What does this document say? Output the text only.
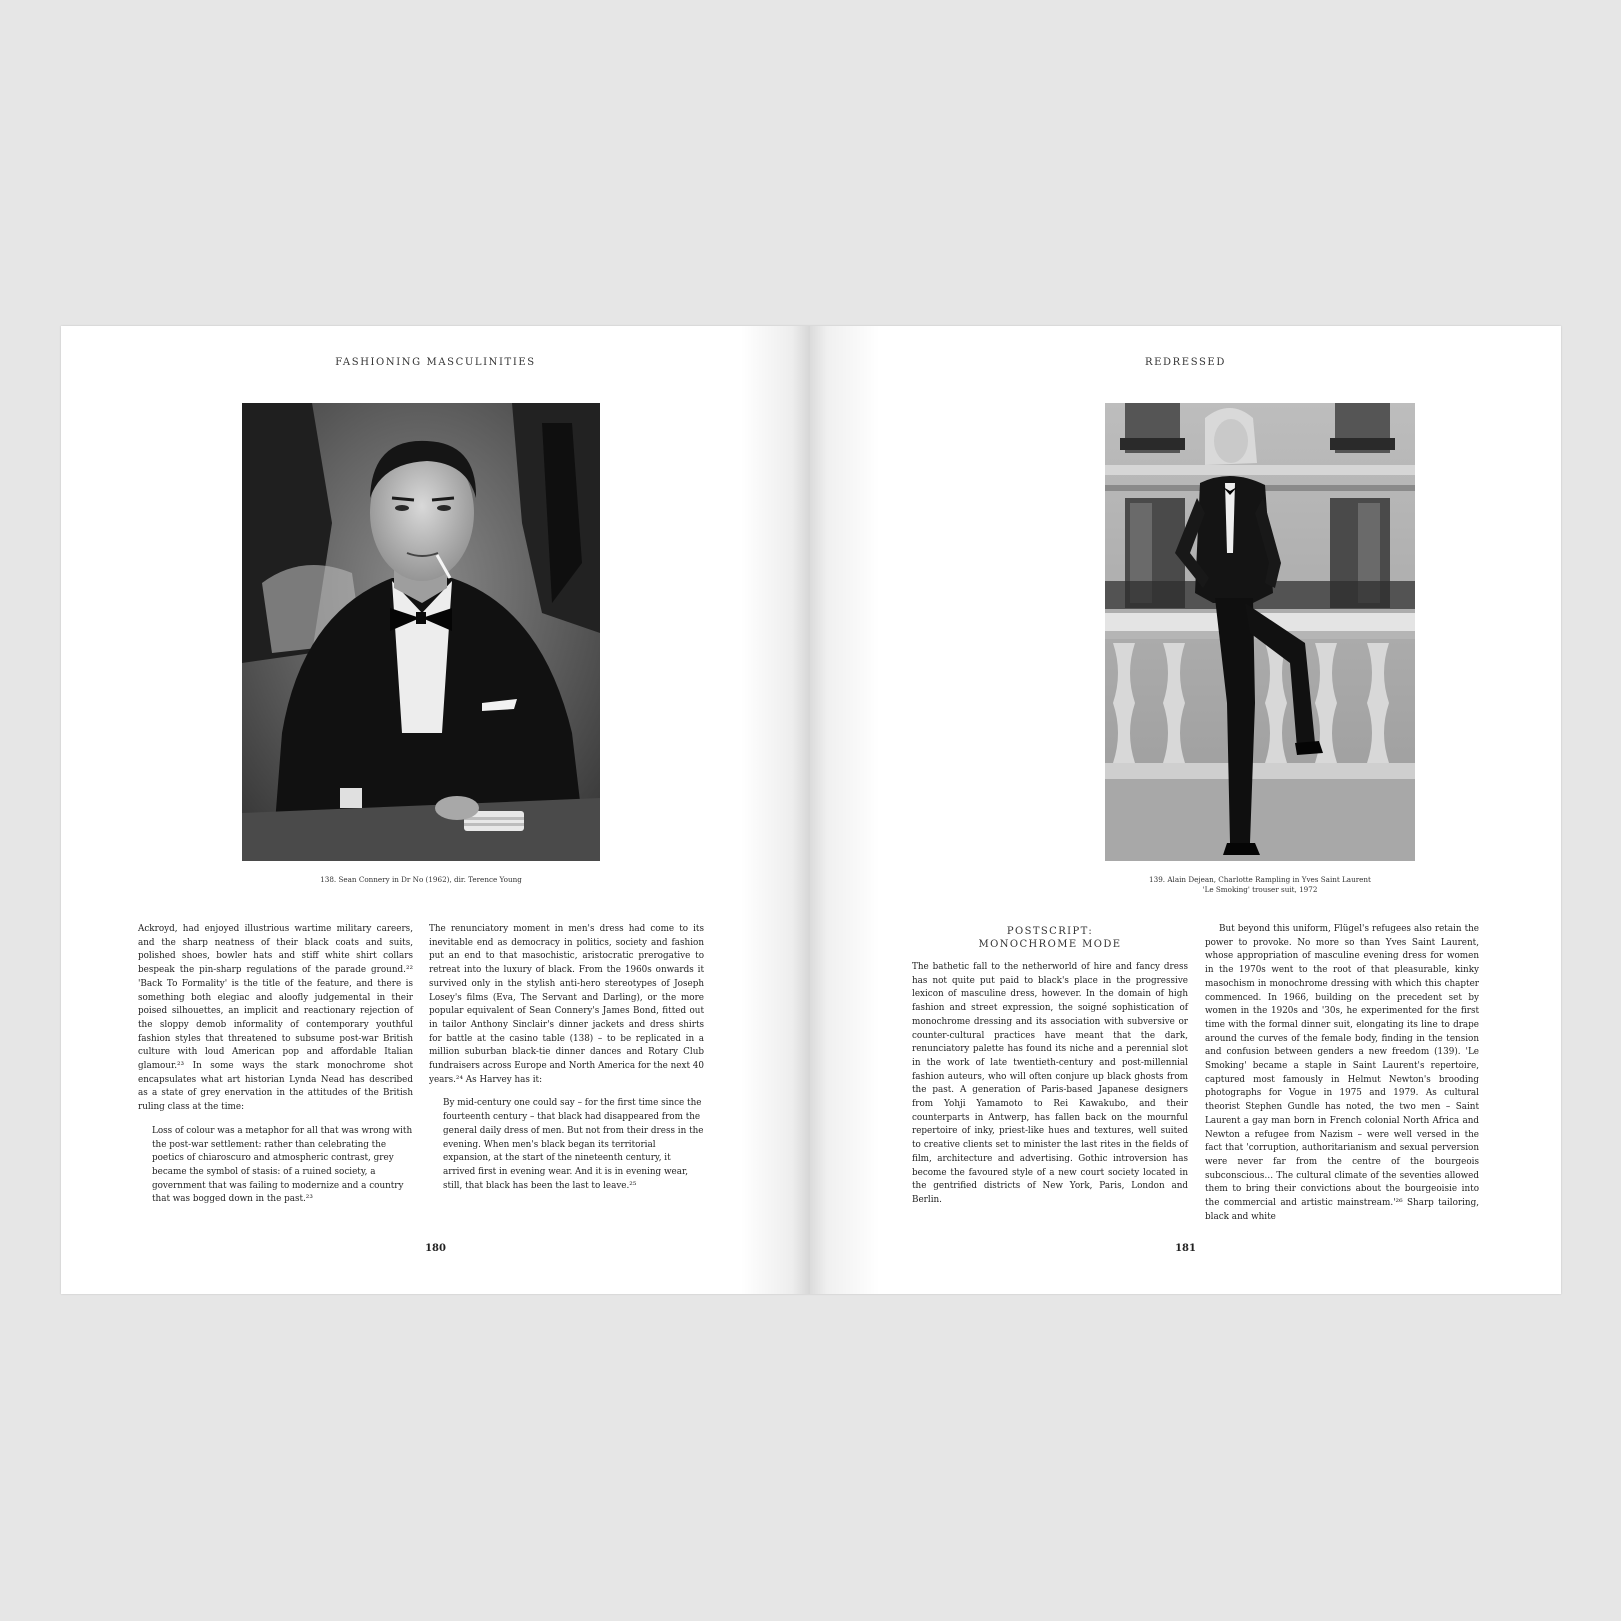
FASHIONING MASCULINITIES
138. Sean Connery in Dr No (1962), dir. Terence Young

Ackroyd, had enjoyed illustrious wartime military careers, and the sharp neatness of their black coats and suits, polished shoes, bowler hats and stiff white shirt collars bespeak the pin-sharp regulations of the parade ground.²² 'Back To Formality' is the title of the feature, and there is something both elegiac and aloofly judgemental in their poised silhouettes, an implicit and reactionary rejection of the sloppy demob informality of contemporary youthful fashion styles that threatened to subsume post-war British culture with loud American pop and affordable Italian glamour.²³ In some ways the stark monochrome shot encapsulates what art historian Lynda Nead has described as a state of grey enervation in the attitudes of the British ruling class at the time:

Loss of colour was a metaphor for all that was wrong with the post-war settlement: rather than celebrating the poetics of chiaroscuro and atmospheric contrast, grey became the symbol of stasis: of a ruined society, a government that was failing to modernize and a country that was bogged down in the past.²³

The renunciatory moment in men's dress had come to its inevitable end as democracy in politics, society and fashion put an end to that masochistic, aristocratic prerogative to retreat into the luxury of black. From the 1960s onwards it survived only in the stylish anti-hero stereotypes of Joseph Losey's films (Eva, The Servant and Darling), or the more popular equivalent of Sean Connery's James Bond, fitted out in tailor Anthony Sinclair's dinner jackets and dress shirts for battle at the casino table (138) – to be replicated in a million suburban black-tie dinner dances and Rotary Club fundraisers across Europe and North America for the next 40 years.²⁴ As Harvey has it:

By mid-century one could say – for the first time since the fourteenth century – that black had disappeared from the general daily dress of men. But not from their dress in the evening. When men's black began its territorial expansion, at the start of the nineteenth century, it arrived first in evening wear. And it is in evening wear, still, that black has been the last to leave.²⁵

180
REDRESSED
139. Alain Dejean, Charlotte Rampling in Yves Saint Laurent
'Le Smoking' trouser suit, 1972
POSTSCRIPT:
MONOCHROME MODE

The bathetic fall to the netherworld of hire and fancy dress has not quite put paid to black's place in the progressive lexicon of masculine dress, however. In the domain of high fashion and street expression, the soigné sophistication of monochrome dressing and its association with subversive or counter-cultural practices have meant that the dark, renunciatory palette has found its niche and a perennial slot in the work of late twentieth-century and post-millennial fashion auteurs, who will often conjure up black ghosts from the past. A generation of Paris-based Japanese designers from Yohji Yamamoto to Rei Kawakubo, and their counterparts in Antwerp, has fallen back on the mournful repertoire of inky, priest-like hues and textures, well suited to creative clients set to minister the last rites in the fields of film, architecture and advertising. Gothic introversion has become the favoured style of a new court society located in the gentrified districts of New York, Paris, London and Berlin.

But beyond this uniform, Flügel's refugees also retain the power to provoke. No more so than Yves Saint Laurent, whose appropriation of masculine evening dress for women in the 1970s went to the root of that pleasurable, kinky masochism in monochrome dressing with which this chapter commenced. In 1966, building on the precedent set by women in the 1920s and '30s, he experimented for the first time with the formal dinner suit, elongating its line to drape around the curves of the female body, finding in the tension and confusion between genders a new freedom (139). 'Le Smoking' became a staple in Saint Laurent's repertoire, captured most famously in Helmut Newton's brooding photographs for Vogue in 1975 and 1979. As cultural theorist Stephen Gundle has noted, the two men – Saint Laurent a gay man born in French colonial North Africa and Newton a refugee from Nazism – were well versed in the fact that 'corruption, authoritarianism and sexual perversion were never far from the centre of the bourgeois subconscious… The cultural climate of the seventies allowed them to bring their convictions about the bourgeoisie into the commercial and artistic mainstream.'²⁶ Sharp tailoring, black and white

181
